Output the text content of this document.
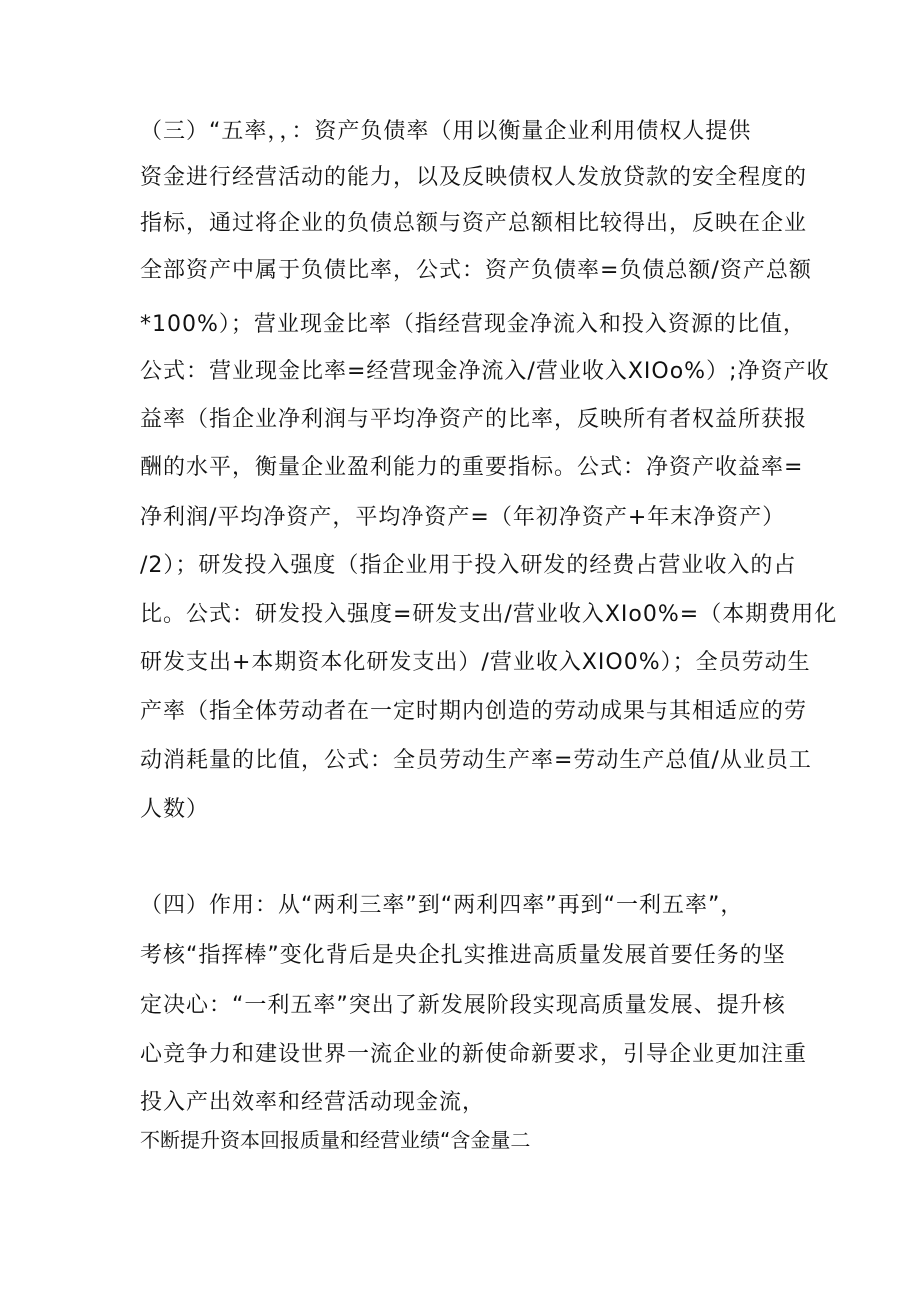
（三）“五率，，：资产负债率（用以衡量企业利用债权人提供
资金进行经营活动的能力，以及反映债权人发放贷款的安全程度的
指标，通过将企业的负债总额与资产总额相比较得出，反映在企业
全部资产中属于负债比率，公式：资产负债率=负债总额/资产总额
*100%）；营业现金比率（指经营现金净流入和投入资源的比值，
公式：营业现金比率=经营现金净流入/营业收入XIOo%）;净资产收
益率（指企业净利润与平均净资产的比率，反映所有者权益所获报
酬的水平，衡量企业盈利能力的重要指标。公式：净资产收益率=
净利润/平均净资产，平均净资产=（年初净资产+年末净资产）
/2）；研发投入强度（指企业用于投入研发的经费占营业收入的占
比。公式：研发投入强度=研发支出/营业收入XIo0%=（本期费用化
研发支出+本期资本化研发支出）/营业收入XIO0%）；全员劳动生
产率（指全体劳动者在一定时期内创造的劳动成果与其相适应的劳
动消耗量的比值，公式：全员劳动生产率=劳动生产总值/从业员工
人数）
（四）作用：从“两利三率”到“两利四率”再到“一利五率”，
考核“指挥棒”变化背后是央企扎实推进高质量发展首要任务的坚
定决心：“一利五率”突出了新发展阶段实现高质量发展、提升核
心竞争力和建设世界一流企业的新使命新要求，引导企业更加注重
投入产出效率和经营活动现金流，
不断提升资本回报质量和经营业绩“含金量二
